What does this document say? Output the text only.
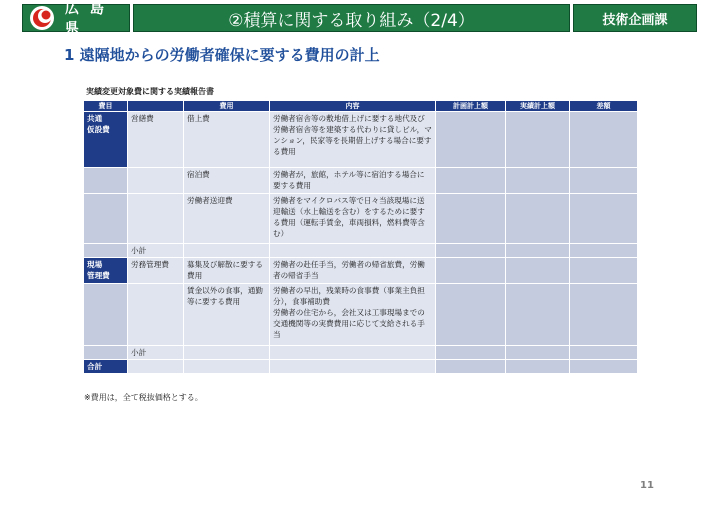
広 島 県	②積算に関する取り組み（2/4）	技術企画課
1 遠隔地からの労働者確保に要する費用の計上
実績変更対象費に関する実績報告書
費目		費用	内容	計画計上額	実績計上額	差額
共通
仮設費	営繕費	借上費	労働者宿舎等の敷地借上げに要する地代及び労働者宿舎等を建築する代わりに貸しビル，マンション，民家等を長期借上げする場合に要する費用			
		宿泊費	労働者が，旅館，ホテル等に宿泊する場合に要する費用			
		労働者送迎費	労働者をマイクロバス等で日々当該現場に送迎輸送（水上輸送を含む）をするために要する費用（運転手賃金，車両損料，燃料費等含む）			
	小計					
現場
管理費	労務管理費	募集及び解散に要する費用	労働者の赴任手当，労働者の帰省旅費，労働者の帰省手当			
		賃金以外の食事，通勤等に要する費用	労働者の早出，残業時の食事費（事業主負担分），食事補助費
労働者の住宅から，会社又は工事現場までの交通機関等の実費費用に応じて支給される手当			
	小計					
合計						
※費用は，全て税抜価格とする。
11
